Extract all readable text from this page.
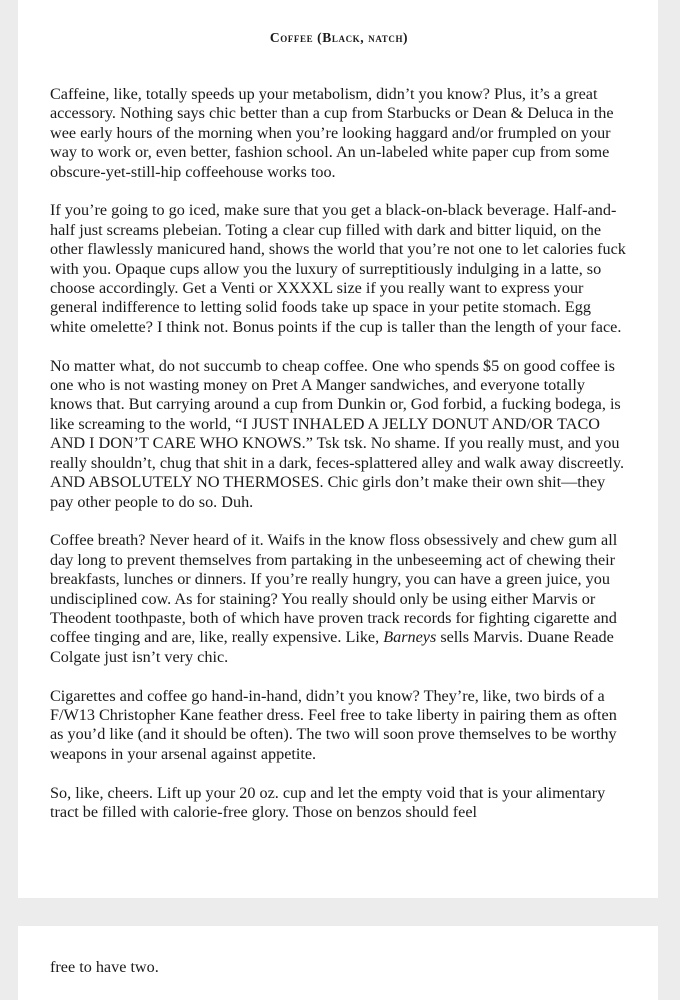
Coffee (Black, natch)

Caffeine, like, totally speeds up your metabolism, didn’t you know? Plus, it’s a great accessory. Nothing says chic better than a cup from Starbucks or Dean & Deluca in the wee early hours of the morning when you’re looking haggard and/or frumpled on your way to work or, even better, fashion school. An un-labeled white paper cup from some obscure-yet-still-hip coffeehouse works too.

If you’re going to go iced, make sure that you get a black-on-black beverage. Half-and-half just screams plebeian. Toting a clear cup filled with dark and bitter liquid, on the other flawlessly manicured hand, shows the world that you’re not one to let calories fuck with you. Opaque cups allow you the luxury of surreptitiously indulging in a latte, so choose accordingly. Get a Venti or XXXXL size if you really want to express your general indifference to letting solid foods take up space in your petite stomach. Egg white omelette? I think not. Bonus points if the cup is taller than the length of your face.

No matter what, do not succumb to cheap coffee. One who spends $5 on good coffee is one who is not wasting money on Pret A Manger sandwiches, and everyone totally knows that. But carrying around a cup from Dunkin or, God forbid, a fucking bodega, is like screaming to the world, “I JUST INHALED A JELLY DONUT AND/OR TACO AND I DON’T CARE WHO KNOWS.” Tsk tsk. No shame. If you really must, and you really shouldn’t, chug that shit in a dark, feces-splattered alley and walk away discreetly. AND ABSOLUTELY NO THERMOSES. Chic girls don’t make their own shit—they pay other people to do so. Duh.

Coffee breath? Never heard of it. Waifs in the know floss obsessively and chew gum all day long to prevent themselves from partaking in the unbeseeming act of chewing their breakfasts, lunches or dinners. If you’re really hungry, you can have a green juice, you undisciplined cow. As for staining? You really should only be using either Marvis or Theodent toothpaste, both of which have proven track records for fighting cigarette and coffee tinging and are, like, really expensive. Like, Barneys sells Marvis. Duane Reade Colgate just isn’t very chic.

Cigarettes and coffee go hand-in-hand, didn’t you know? They’re, like, two birds of a F/W13 Christopher Kane feather dress. Feel free to take liberty in pairing them as often as you’d like (and it should be often). The two will soon prove themselves to be worthy weapons in your arsenal against appetite.

So, like, cheers. Lift up your 20 oz. cup and let the empty void that is your alimentary tract be filled with calorie-free glory. Those on benzos should feel

free to have two.
